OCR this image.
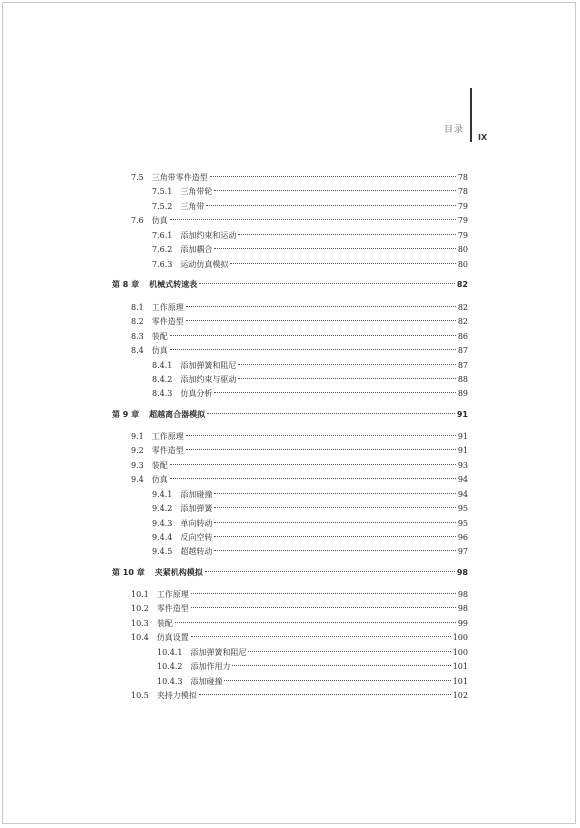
目录
IX
7.5	三角带零件造型	78
7.5.1	三角带轮	78
7.5.2	三角带	79
7.6	仿真	79
7.6.1	添加约束和运动	79
7.6.2	添加耦合	80
7.6.3	运动仿真模拟	80
第 8 章	机械式转速表	82
8.1	工作原理	82
8.2	零件造型	82
8.3	装配	86
8.4	仿真	87
8.4.1	添加弹簧和阻尼	87
8.4.2	添加约束与驱动	88
8.4.3	仿真分析	89
第 9 章	超越离合器模拟	91
9.1	工作原理	91
9.2	零件造型	91
9.3	装配	93
9.4	仿真	94
9.4.1	添加碰撞	94
9.4.2	添加弹簧	95
9.4.3	单向转动	95
9.4.4	反向空转	96
9.4.5	超越转动	97
第 10 章	夹紧机构模拟	98
10.1	工作原理	98
10.2	零件造型	98
10.3	装配	99
10.4	仿真设置	100
10.4.1	添加弹簧和阻尼	100
10.4.2	添加作用力	101
10.4.3	添加碰撞	101
10.5	夹持力模拟	102
